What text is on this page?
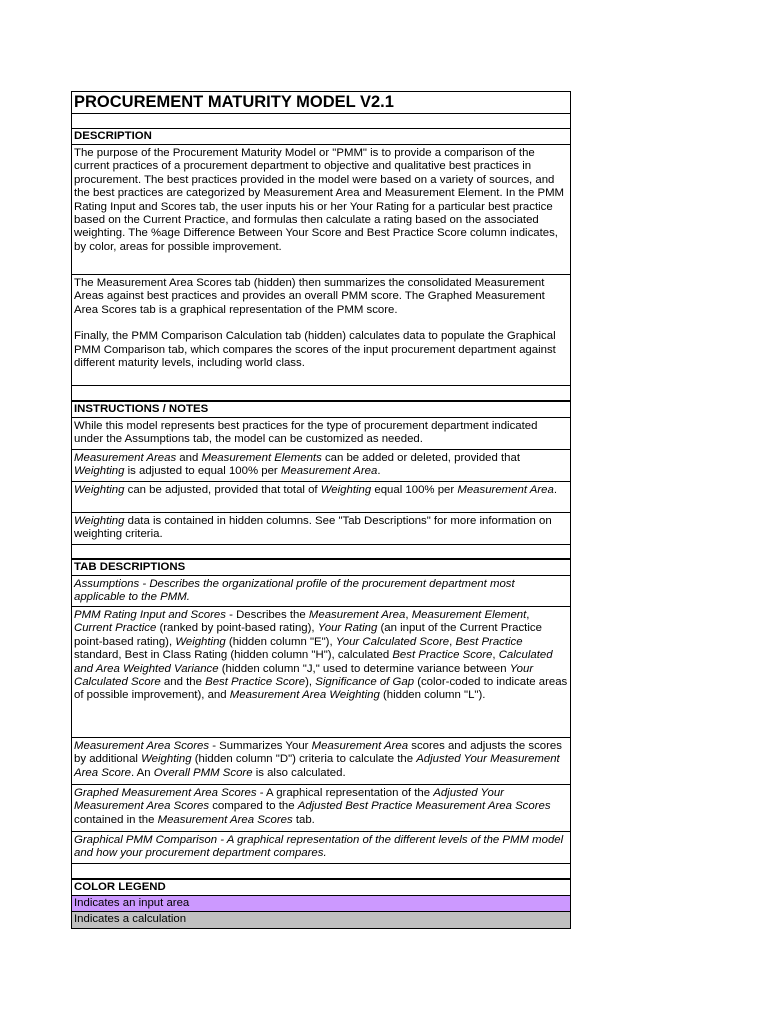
PROCUREMENT MATURITY MODEL V2.1
DESCRIPTION
The purpose of the Procurement Maturity Model or "PMM" is to provide a comparison of the current practices of a procurement department to objective and qualitative best practices in procurement. The best practices provided in the model were based on a variety of sources, and the best practices are categorized by Measurement Area and Measurement Element. In the PMM Rating Input and Scores tab, the user inputs his or her Your Rating for a particular best practice based on the Current Practice, and formulas then calculate a rating based on the associated weighting. The %age Difference Between Your Score and Best Practice Score column indicates, by color, areas for possible improvement.

The Measurement Area Scores tab (hidden) then summarizes the consolidated Measurement Areas against best practices and provides an overall PMM score. The Graphed Measurement Area Scores tab is a graphical representation of the PMM score.

Finally, the PMM Comparison Calculation tab (hidden) calculates data to populate the Graphical PMM Comparison tab, which compares the scores of the input procurement department against different maturity levels, including world class.

INSTRUCTIONS / NOTES
While this model represents best practices for the type of procurement department indicated under the Assumptions tab, the model can be customized as needed.
Measurement Areas and Measurement Elements can be added or deleted, provided that Weighting is adjusted to equal 100% per Measurement Area.
Weighting can be adjusted, provided that total of Weighting equal 100% per Measurement Area.
Weighting data is contained in hidden columns. See "Tab Descriptions" for more information on weighting criteria.
TAB DESCRIPTIONS
Assumptions - Describes the organizational profile of the procurement department most applicable to the PMM.
PMM Rating Input and Scores - Describes the Measurement Area, Measurement Element, Current Practice (ranked by point-based rating), Your Rating (an input of the Current Practice point-based rating), Weighting (hidden column "E"), Your Calculated Score, Best Practice standard, Best in Class Rating (hidden column "H"), calculated Best Practice Score, Calculated and Area Weighted Variance (hidden column "J," used to determine variance between Your Calculated Score and the Best Practice Score), Significance of Gap (color-coded to indicate areas of possible improvement), and Measurement Area Weighting (hidden column "L").
Measurement Area Scores - Summarizes Your Measurement Area scores and adjusts the scores by additional Weighting (hidden column "D") criteria to calculate the Adjusted Your Measurement Area Score. An Overall PMM Score is also calculated.
Graphed Measurement Area Scores - A graphical representation of the Adjusted Your Measurement Area Scores compared to the Adjusted Best Practice Measurement Area Scores contained in the Measurement Area Scores tab.
Graphical PMM Comparison - A graphical representation of the different levels of the PMM model and how your procurement department compares.
COLOR LEGEND
Indicates an input area
Indicates a calculation
